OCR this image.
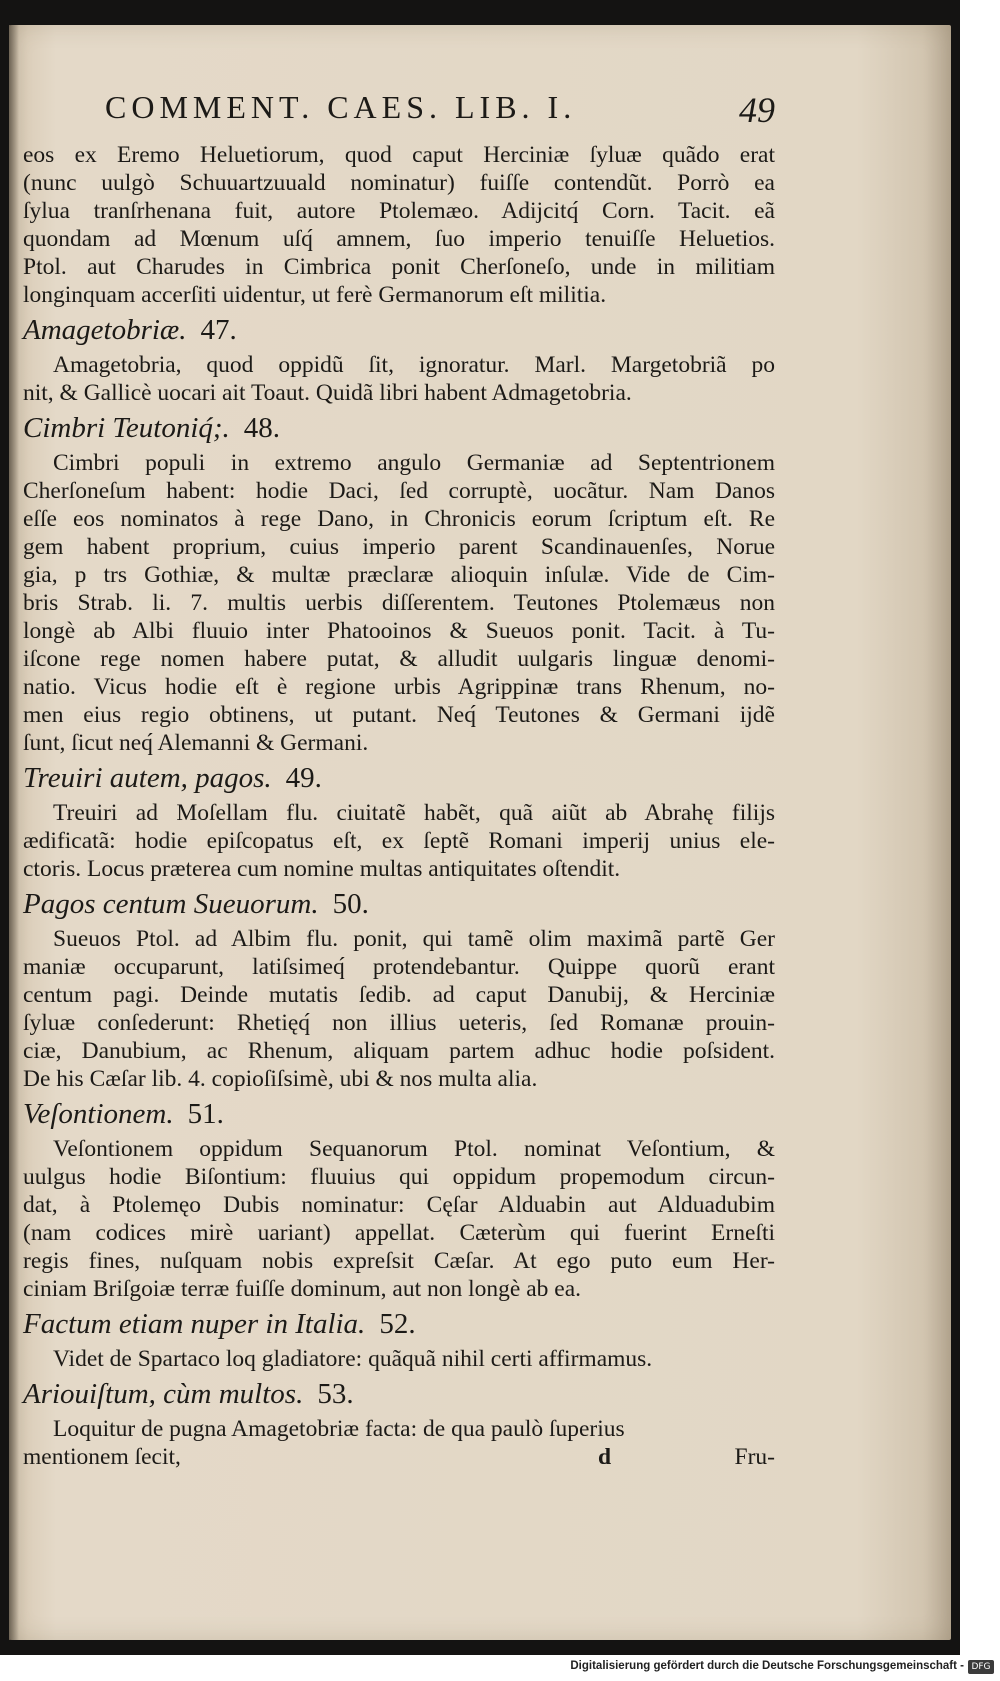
COMMENT. CAES. LIB. I.	49
eos ex Eremo Heluetiorum, quod caput Herciniæ ſyluæ quãdo erat
(nunc uulgò Schuuartzuuald nominatur) fuiſſe contendũt. Porrò ea
ſylua tranſrhenana fuit, autore Ptolemæo. Adijcitq́ Corn. Tacit. eã
quondam ad Mœnum uſq́ amnem, ſuo imperio tenuiſſe Heluetios.
Ptol. aut Charudes in Cimbrica ponit Cherſoneſo, unde in militiam
longinquam accerſiti uidentur, ut ferè Germanorum eſt militia.
Amagetobriæ. 47.
Amagetobria, quod oppidũ ſit, ignoratur. Marl. Margetobriã po
nit, & Gallicè uocari ait Toaut. Quidã libri habent Admagetobria.
Cimbri Teutoniq́;. 48.
Cimbri populi in extremo angulo Germaniæ ad Septentrionem
Cherſoneſum habent: hodie Daci, ſed corruptè, uocãtur. Nam Danos
eſſe eos nominatos à rege Dano, in Chronicis eorum ſcriptum eſt. Re
gem habent proprium, cuius imperio parent Scandinauenſes, Norue
gia, p trs Gothiæ, & multæ præclaræ alioquin inſulæ. Vide de Cim-
bris Strab. li. 7. multis uerbis diſſerentem. Teutones Ptolemæus non
longè ab Albi fluuio inter Phatooinos & Sueuos ponit. Tacit. à Tu-
iſcone rege nomen habere putat, & alludit uulgaris linguæ denomi-
natio. Vicus hodie eſt è regione urbis Agrippinæ trans Rhenum, no-
men eius regio obtinens, ut putant. Neq́ Teutones & Germani ijdẽ
ſunt, ſicut neq́ Alemanni & Germani.
Treuiri autem, pagos. 49.
Treuiri ad Moſellam flu. ciuitatẽ habẽt, quã aiũt ab Abrahę filijs
ædificatã: hodie epiſcopatus eſt, ex ſeptẽ Romani imperij unius ele-
ctoris. Locus præterea cum nomine multas antiquitates oſtendit.
Pagos centum Sueuorum. 50.
Sueuos Ptol. ad Albim flu. ponit, qui tamẽ olim maximã partẽ Ger
maniæ occuparunt, latiſsimeq́ protendebantur. Quippe quorũ erant
centum pagi. Deinde mutatis ſedib. ad caput Danubij, & Herciniæ
ſyluæ conſederunt: Rhetięq́ non illius ueteris, ſed Romanæ prouin-
ciæ, Danubium, ac Rhenum, aliquam partem adhuc hodie poſsident.
De his Cæſar lib. 4. copioſiſsimè, ubi & nos multa alia.
Veſontionem. 51.
Veſontionem oppidum Sequanorum Ptol. nominat Veſontium, &
uulgus hodie Biſontium: fluuius qui oppidum propemodum circun-
dat, à Ptolemęo Dubis nominatur: Cęſar Alduabin aut Alduadubim
(nam codices mirè uariant) appellat. Cæterùm qui fuerint Erneſti
regis fines, nuſquam nobis expreſsit Cæſar. At ego puto eum Her-
ciniam Briſgoiæ terræ fuiſſe dominum, aut non longè ab ea.
Factum etiam nuper in Italia. 52.
Videt de Spartaco loq gladiatore: quãquã nihil certi affirmamus.
Ariouiſtum, cùm multos. 53.
Loquitur de pugna Amagetobriæ facta: de qua paulò ſuperius
mentionem ſecit,	d	Fru-
Digitalisierung gefördert durch die Deutsche Forschungsgemeinschaft - DFG
